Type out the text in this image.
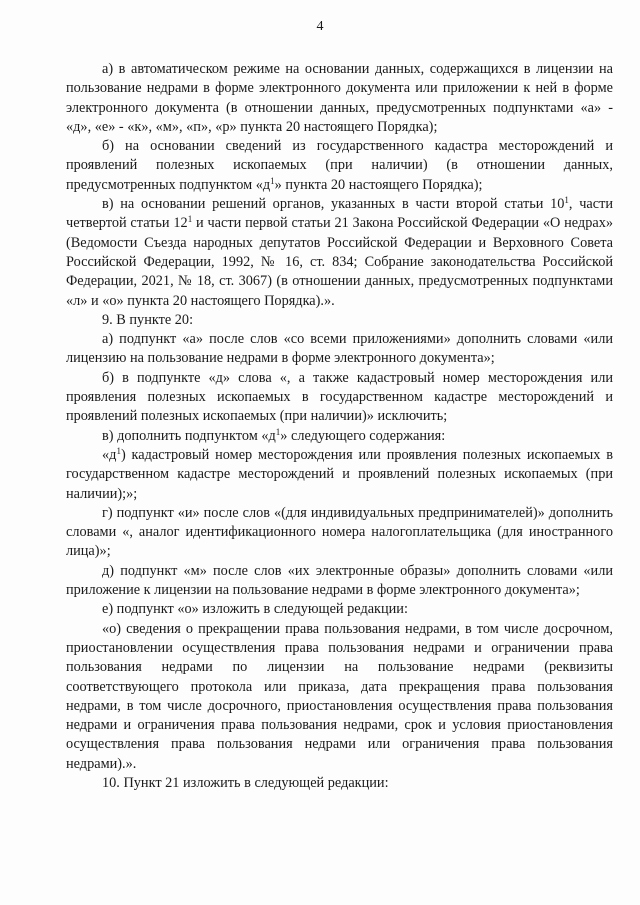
4

а) в автоматическом режиме на основании данных, содержащихся в лицензии на пользование недрами в форме электронного документа или приложении к ней в форме электронного документа (в отношении данных, предусмотренных подпунктами «а» - «д», «е» - «к», «м», «п», «р» пункта 20 настоящего Порядка);

б) на основании сведений из государственного кадастра месторождений и проявлений полезных ископаемых (при наличии) (в отношении данных, предусмотренных подпунктом «$д^1$» пункта 20 настоящего Порядка);

в) на основании решений органов, указанных в части второй статьи $10^1$, части четвертой статьи $12^1$ и части первой статьи 21 Закона Российской Федерации «О недрах» (Ведомости Съезда народных депутатов Российской Федерации и Верховного Совета Российской Федерации, 1992, № 16, ст. 834; Собрание законодательства Российской Федерации, 2021, № 18, ст. 3067) (в отношении данных, предусмотренных подпунктами «л» и «о» пункта 20 настоящего Порядка).».

9. В пункте 20:

а) подпункт «а» после слов «со всеми приложениями» дополнить словами «или лицензию на пользование недрами в форме электронного документа»;

б) в подпункте «д» слова «, а также кадастровый номер месторождения или проявления полезных ископаемых в государственном кадастре месторождений и проявлений полезных ископаемых (при наличии)» исключить;

в) дополнить подпунктом «$д^1$» следующего содержания:

«$д^1$) кадастровый номер месторождения или проявления полезных ископаемых в государственном кадастре месторождений и проявлений полезных ископаемых (при наличии);»;

г) подпункт «и» после слов «(для индивидуальных предпринимателей)» дополнить словами «, аналог идентификационного номера налогоплательщика (для иностранного лица)»;

д) подпункт «м» после слов «их электронные образы» дополнить словами «или приложение к лицензии на пользование недрами в форме электронного документа»;

е) подпункт «о» изложить в следующей редакции:

«о) сведения о прекращении права пользования недрами, в том числе досрочном, приостановлении осуществления права пользования недрами и ограничении права пользования недрами по лицензии на пользование недрами (реквизиты соответствующего протокола или приказа, дата прекращения права пользования недрами, в том числе досрочного, приостановления осуществления права пользования недрами и ограничения права пользования недрами, срок и условия приостановления осуществления права пользования недрами или ограничения права пользования недрами).».

10. Пункт 21 изложить в следующей редакции:
